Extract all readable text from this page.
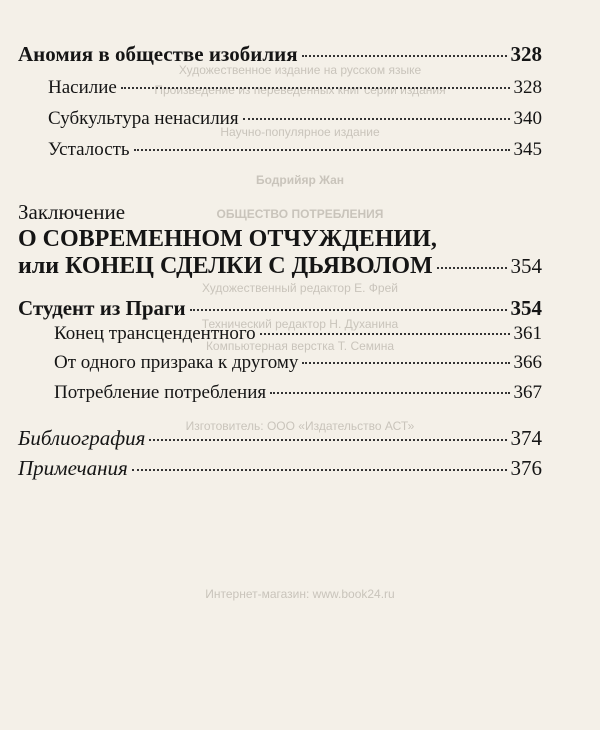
Художественное издание на русском языке
Произведение из переведенных книг серии издания
Научно-популярное издание
Бодрийяр Жан
ОБЩЕСТВО ПОТРЕБЛЕНИЯ
Художественный редактор Е. Фрей
Технический редактор Н. Духанина
Компьютерная верстка Т. Семина
Изготовитель: ООО «Издательство АСТ»
Интернет-магазин: www.book24.ru
Аномия в обществе изобилия	328
Насилие	328
Субкультура ненасилия	340
Усталость	345
Заключение
О СОВРЕМЕННОМ ОТЧУЖДЕНИИ,
или КОНЕЦ СДЕЛКИ С ДЬЯВОЛОМ	354
Студент из Праги	354
Конец трансцендентного	361
От одного призрака к другому	366
Потребление потребления	367
Библиография	374
Примечания	376
